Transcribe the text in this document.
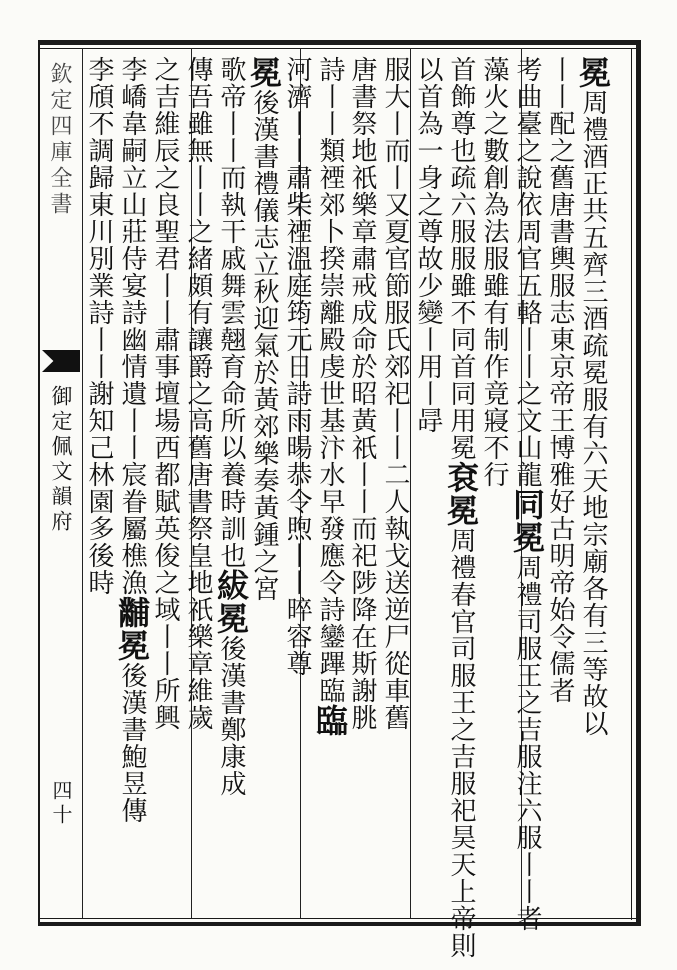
欽定四庫全書
御定佩文韻府
四十
冕周禮酒正共五齊三酒疏冕服有六天地宗廟各有三等故以
丨丨配之舊唐書輿服志東京帝王博雅好古明帝始令儒者
考曲臺之說依周官五輅丨丨之文山龍同冕周禮司服王之吉服注六服丨丨者
藻火之數創為法服雖有制作竟寢不行
首飾尊也疏六服服雖不同首同用冕袞冕周禮春官司服王之吉服祀昊天上帝則
以首為一身之尊故少變丨用丨冔
服大丨而丨又夏官節服氏郊祀丨丨二人執戈送逆尸從車舊
唐書祭地祇樂章肅戒成命於昭黃祇丨丨而祀陟降在斯謝朓
詩丨丨類禋郊卜揆崇離殿虔世基汴水早發應令詩鑾蹕臨臨
河濟丨丨肅柴禋溫庭筠元日詩雨暘恭令煦丨丨晬容尊
冕後漢書禮儀志立秋迎氣於黃郊樂奏黃鍾之宮
歌帝丨丨而執干戚舞雲翹育命所以養時訓也紱冕後漢書鄭康成
傳吾雖無丨丨之緒頗有讓爵之高舊唐書祭皇地祇樂章維歲
之吉維辰之良聖君丨丨肅事壇場西都賦英俊之域丨丨所興
李嶠韋嗣立山莊侍宴詩幽情遺丨丨宸眷屬樵漁黼冕後漢書鮑昱傳
李頎不調歸東川別業詩丨丨謝知己林園多後時
